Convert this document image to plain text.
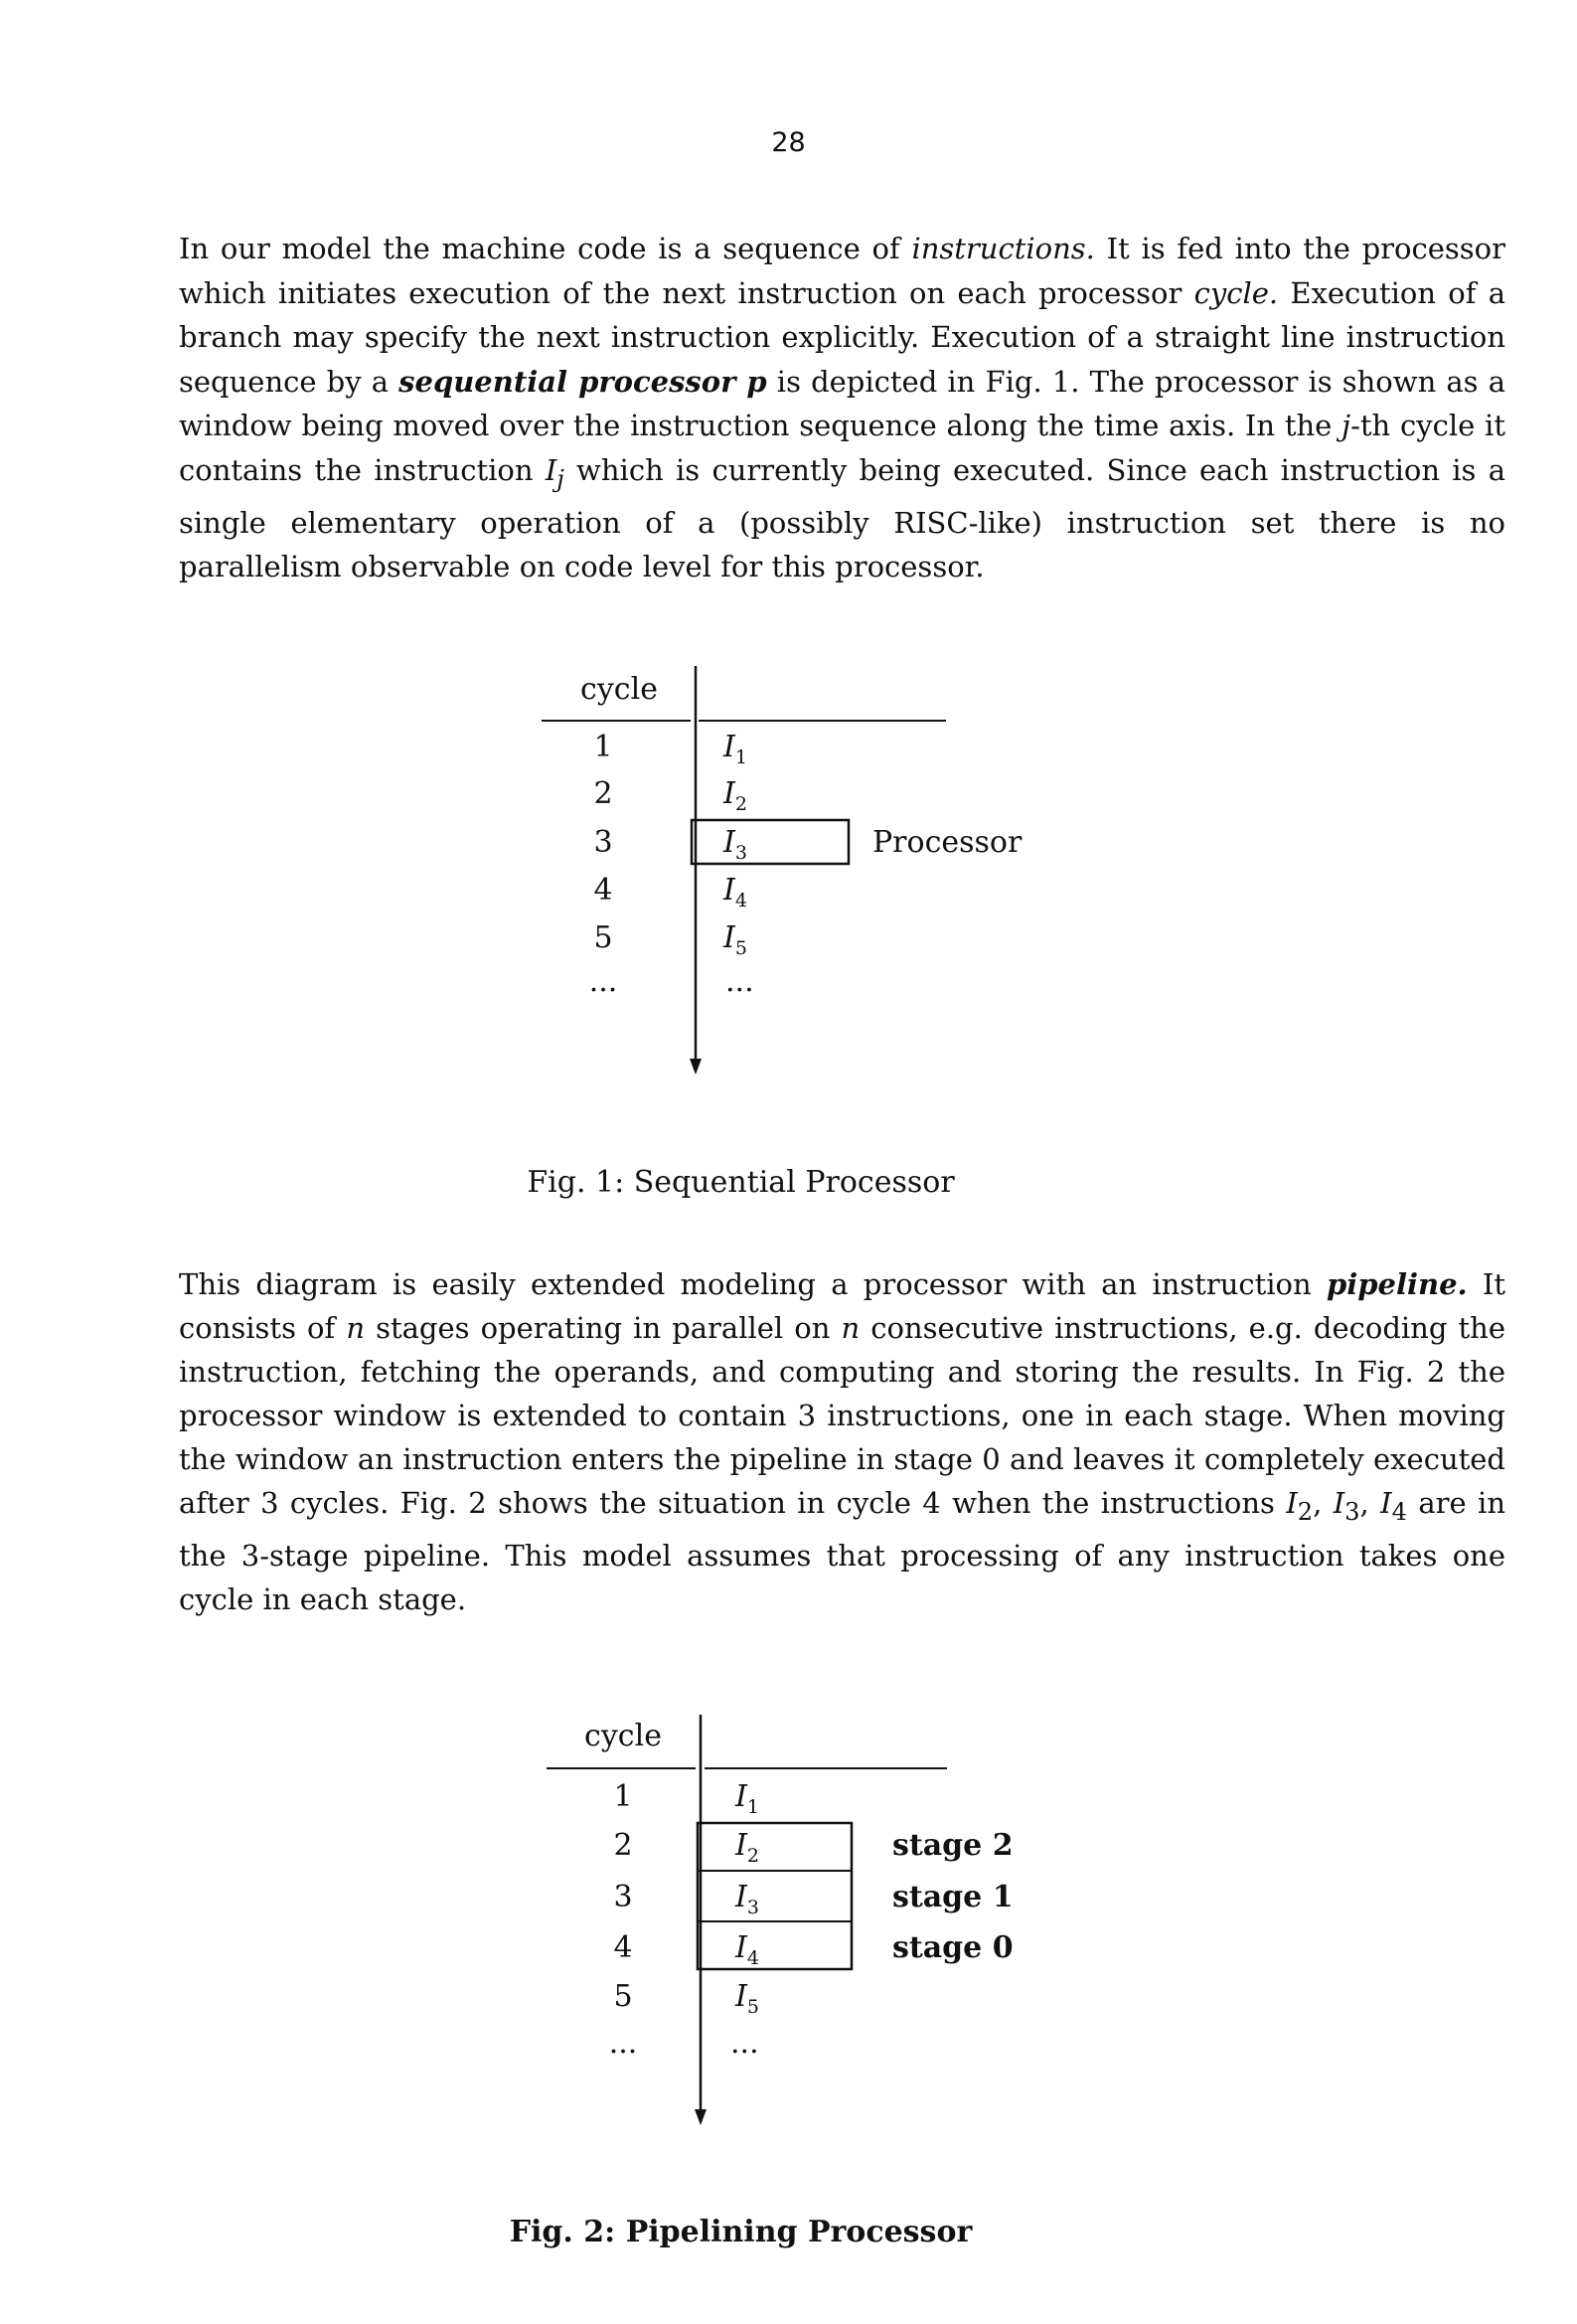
28

In our model the machine code is a sequence of instructions. It is fed into the processor which initiates execution of the next instruction on each processor cycle. Execution of a branch may specify the next instruction explicitly. Execution of a straight line instruction sequence by a sequential processor p is depicted in Fig. 1. The processor is shown as a window being moved over the instruction sequence along the time axis. In the j-th cycle it contains the instruction $I_j$ which is currently being executed. Since each instruction is a single elementary operation of a (possibly RISC-like) instruction set there is no parallelism observable on code level for this processor.

cycle
1
2
3
4
5
...
$I_1$
$I_2$
$I_3$
$I_4$
$I_5$
...
Processor

Fig. 1: Sequential Processor

This diagram is easily extended modeling a processor with an instruction pipeline. It consists of n stages operating in parallel on n consecutive instructions, e.g. decoding the instruction, fetching the operands, and computing and storing the results. In Fig. 2 the processor window is extended to contain 3 instructions, one in each stage. When moving the window an instruction enters the pipeline in stage 0 and leaves it completely executed after 3 cycles. Fig. 2 shows the situation in cycle 4 when the instructions $I_2$, $I_3$, $I_4$ are in the 3-stage pipeline. This model assumes that processing of any instruction takes one cycle in each stage.

cycle
1
2
3
4
5
...
$I_1$
$I_2$
$I_3$
$I_4$
$I_5$
...
stage 2
stage 1
stage 0

Fig. 2: Pipelining Processor
